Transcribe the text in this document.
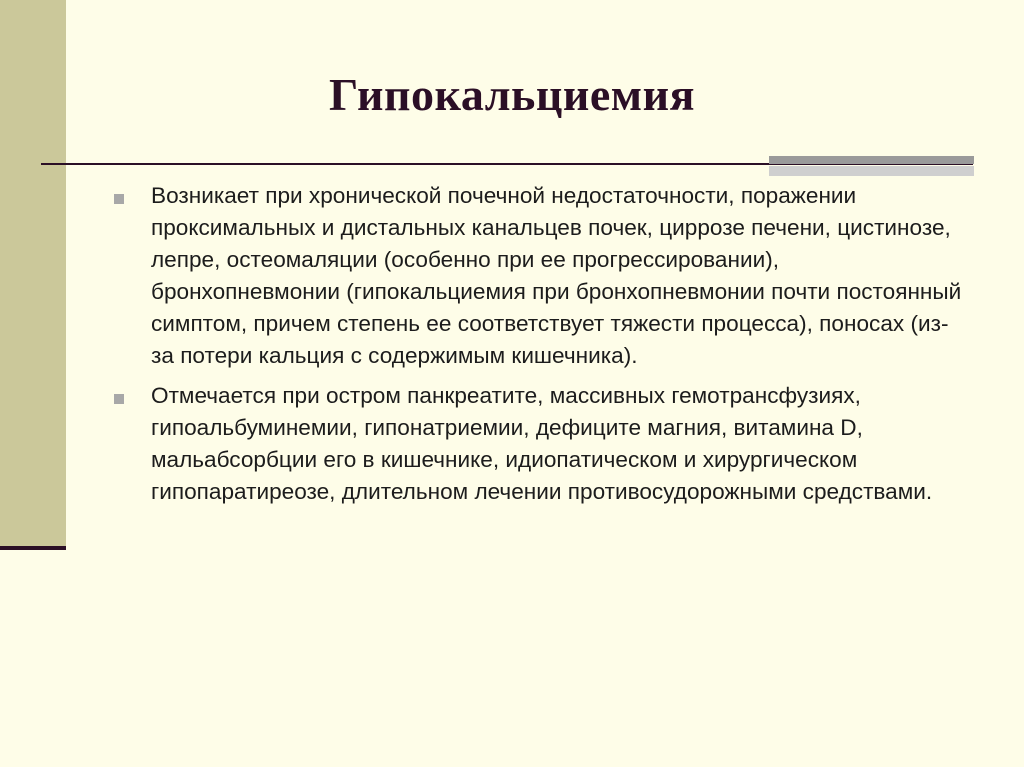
Гипокальциемия
Возникает при хронической почечной недостаточности, поражении проксимальных и дистальных канальцев почек, циррозе печени, цистинозе, лепре, остеомаляции (особенно при ее прогрессировании), бронхопневмонии (гипокальциемия при бронхопневмонии почти постоянный симптом, причем степень ее соответствует тяжести процесса), поносах (из-за потери кальция с содержимым кишечника).
Отмечается при остром панкреатите, массивных гемотрансфузиях, гипоальбуминемии, гипонатриемии, дефиците магния, витамина D, мальабсорбции его в кишечнике, идиопатическом и хирургическом гипопаратиреозе, длительном лечении противосудорожными средствами.
